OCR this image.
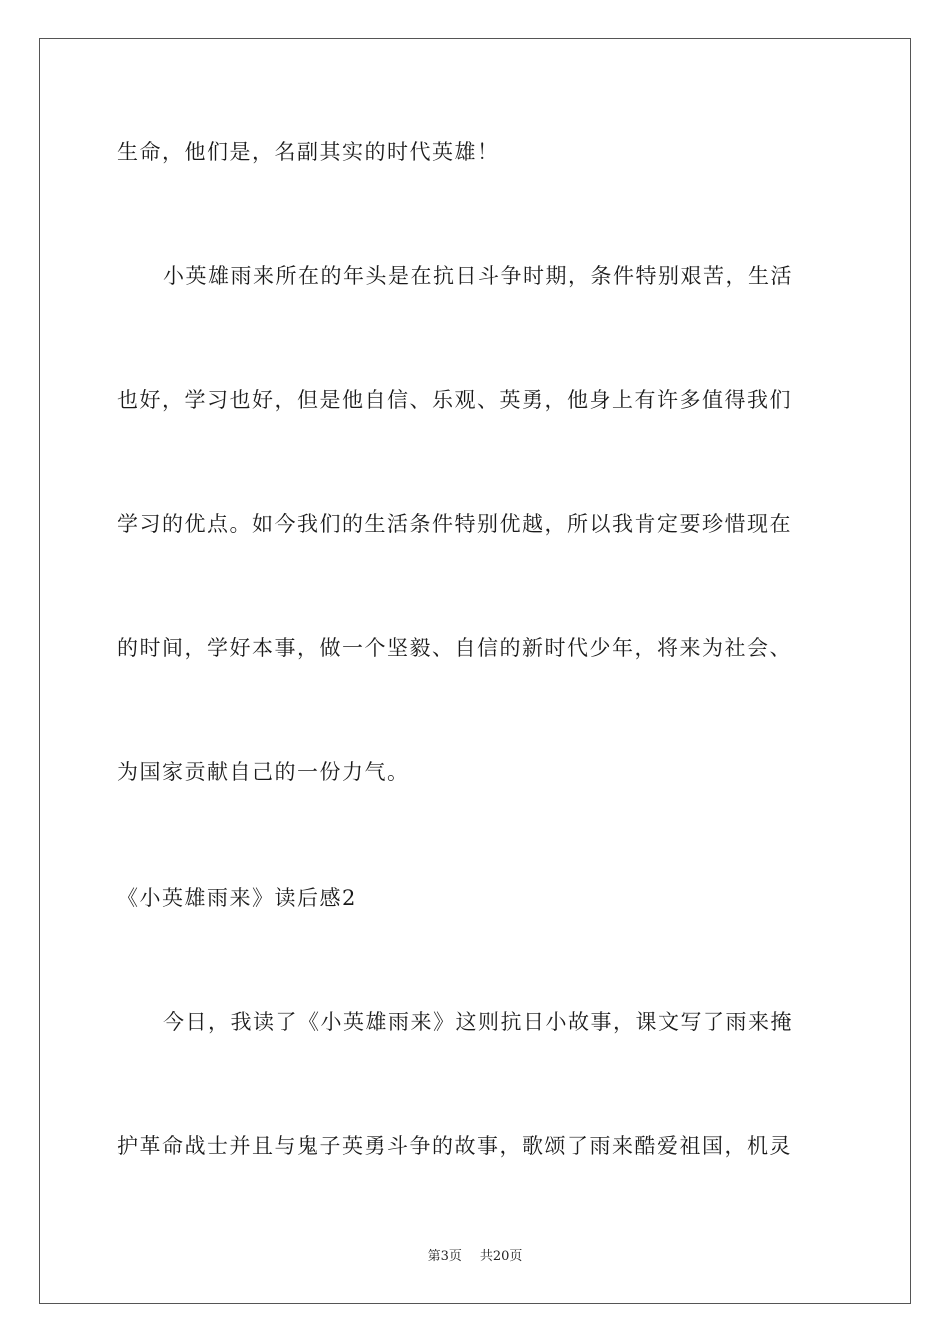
生命，他们是，名副其实的时代英雄！
小英雄雨来所在的年头是在抗日斗争时期，条件特别艰苦，生活
也好，学习也好，但是他自信、乐观、英勇，他身上有许多值得我们
学习的优点。如今我们的生活条件特别优越，所以我肯定要珍惜现在
的时间，学好本事，做一个坚毅、自信的新时代少年，将来为社会、
为国家贡献自己的一份力气。
《小英雄雨来》读后感2
今日，我读了《小英雄雨来》这则抗日小故事，课文写了雨来掩
护革命战士并且与鬼子英勇斗争的故事，歌颂了雨来酷爱祖国，机灵
第3页 共20页
